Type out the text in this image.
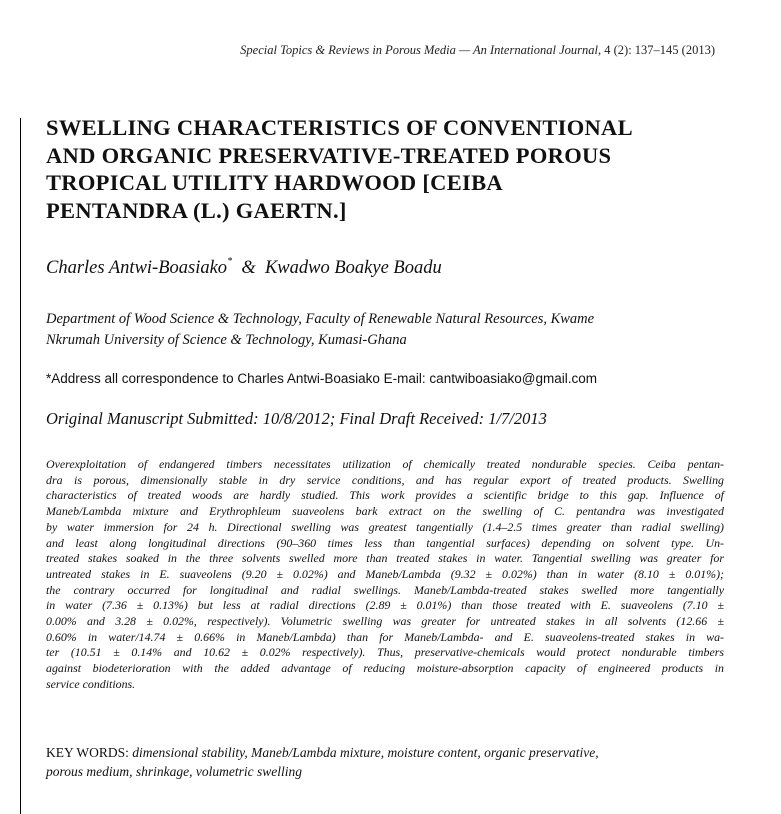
Special Topics & Reviews in Porous Media — An International Journal, 4 (2): 137–145 (2013)
SWELLING CHARACTERISTICS OF CONVENTIONAL
AND ORGANIC PRESERVATIVE-TREATED POROUS
TROPICAL UTILITY HARDWOOD [CEIBA
PENTANDRA (L.) GAERTN.]
Charles Antwi-Boasiako* & Kwadwo Boakye Boadu
Department of Wood Science & Technology, Faculty of Renewable Natural Resources, Kwame
Nkrumah University of Science & Technology, Kumasi-Ghana
*Address all correspondence to Charles Antwi-Boasiako E-mail: cantwiboasiako@gmail.com
Original Manuscript Submitted: 10/8/2012; Final Draft Received: 1/7/2013
Overexploitation of endangered timbers necessitates utilization of chemically treated nondurable species. Ceiba pentan-
dra is porous, dimensionally stable in dry service conditions, and has regular export of treated products. Swelling
characteristics of treated woods are hardly studied. This work provides a scientific bridge to this gap. Influence of
Maneb/Lambda mixture and Erythrophleum suaveolens bark extract on the swelling of C. pentandra was investigated
by water immersion for 24 h. Directional swelling was greatest tangentially (1.4–2.5 times greater than radial swelling)
and least along longitudinal directions (90–360 times less than tangential surfaces) depending on solvent type. Un-
treated stakes soaked in the three solvents swelled more than treated stakes in water. Tangential swelling was greater for
untreated stakes in E. suaveolens (9.20 ± 0.02%) and Maneb/Lambda (9.32 ± 0.02%) than in water (8.10 ± 0.01%);
the contrary occurred for longitudinal and radial swellings. Maneb/Lambda-treated stakes swelled more tangentially
in water (7.36 ± 0.13%) but less at radial directions (2.89 ± 0.01%) than those treated with E. suaveolens (7.10 ±
0.00% and 3.28 ± 0.02%, respectively). Volumetric swelling was greater for untreated stakes in all solvents (12.66 ±
0.60% in water/14.74 ± 0.66% in Maneb/Lambda) than for Maneb/Lambda- and E. suaveolens-treated stakes in wa-
ter (10.51 ± 0.14% and 10.62 ± 0.02% respectively). Thus, preservative-chemicals would protect nondurable timbers
against biodeterioration with the added advantage of reducing moisture-absorption capacity of engineered products in
service conditions.
KEY WORDS: dimensional stability, Maneb/Lambda mixture, moisture content, organic preservative,
porous medium, shrinkage, volumetric swelling
